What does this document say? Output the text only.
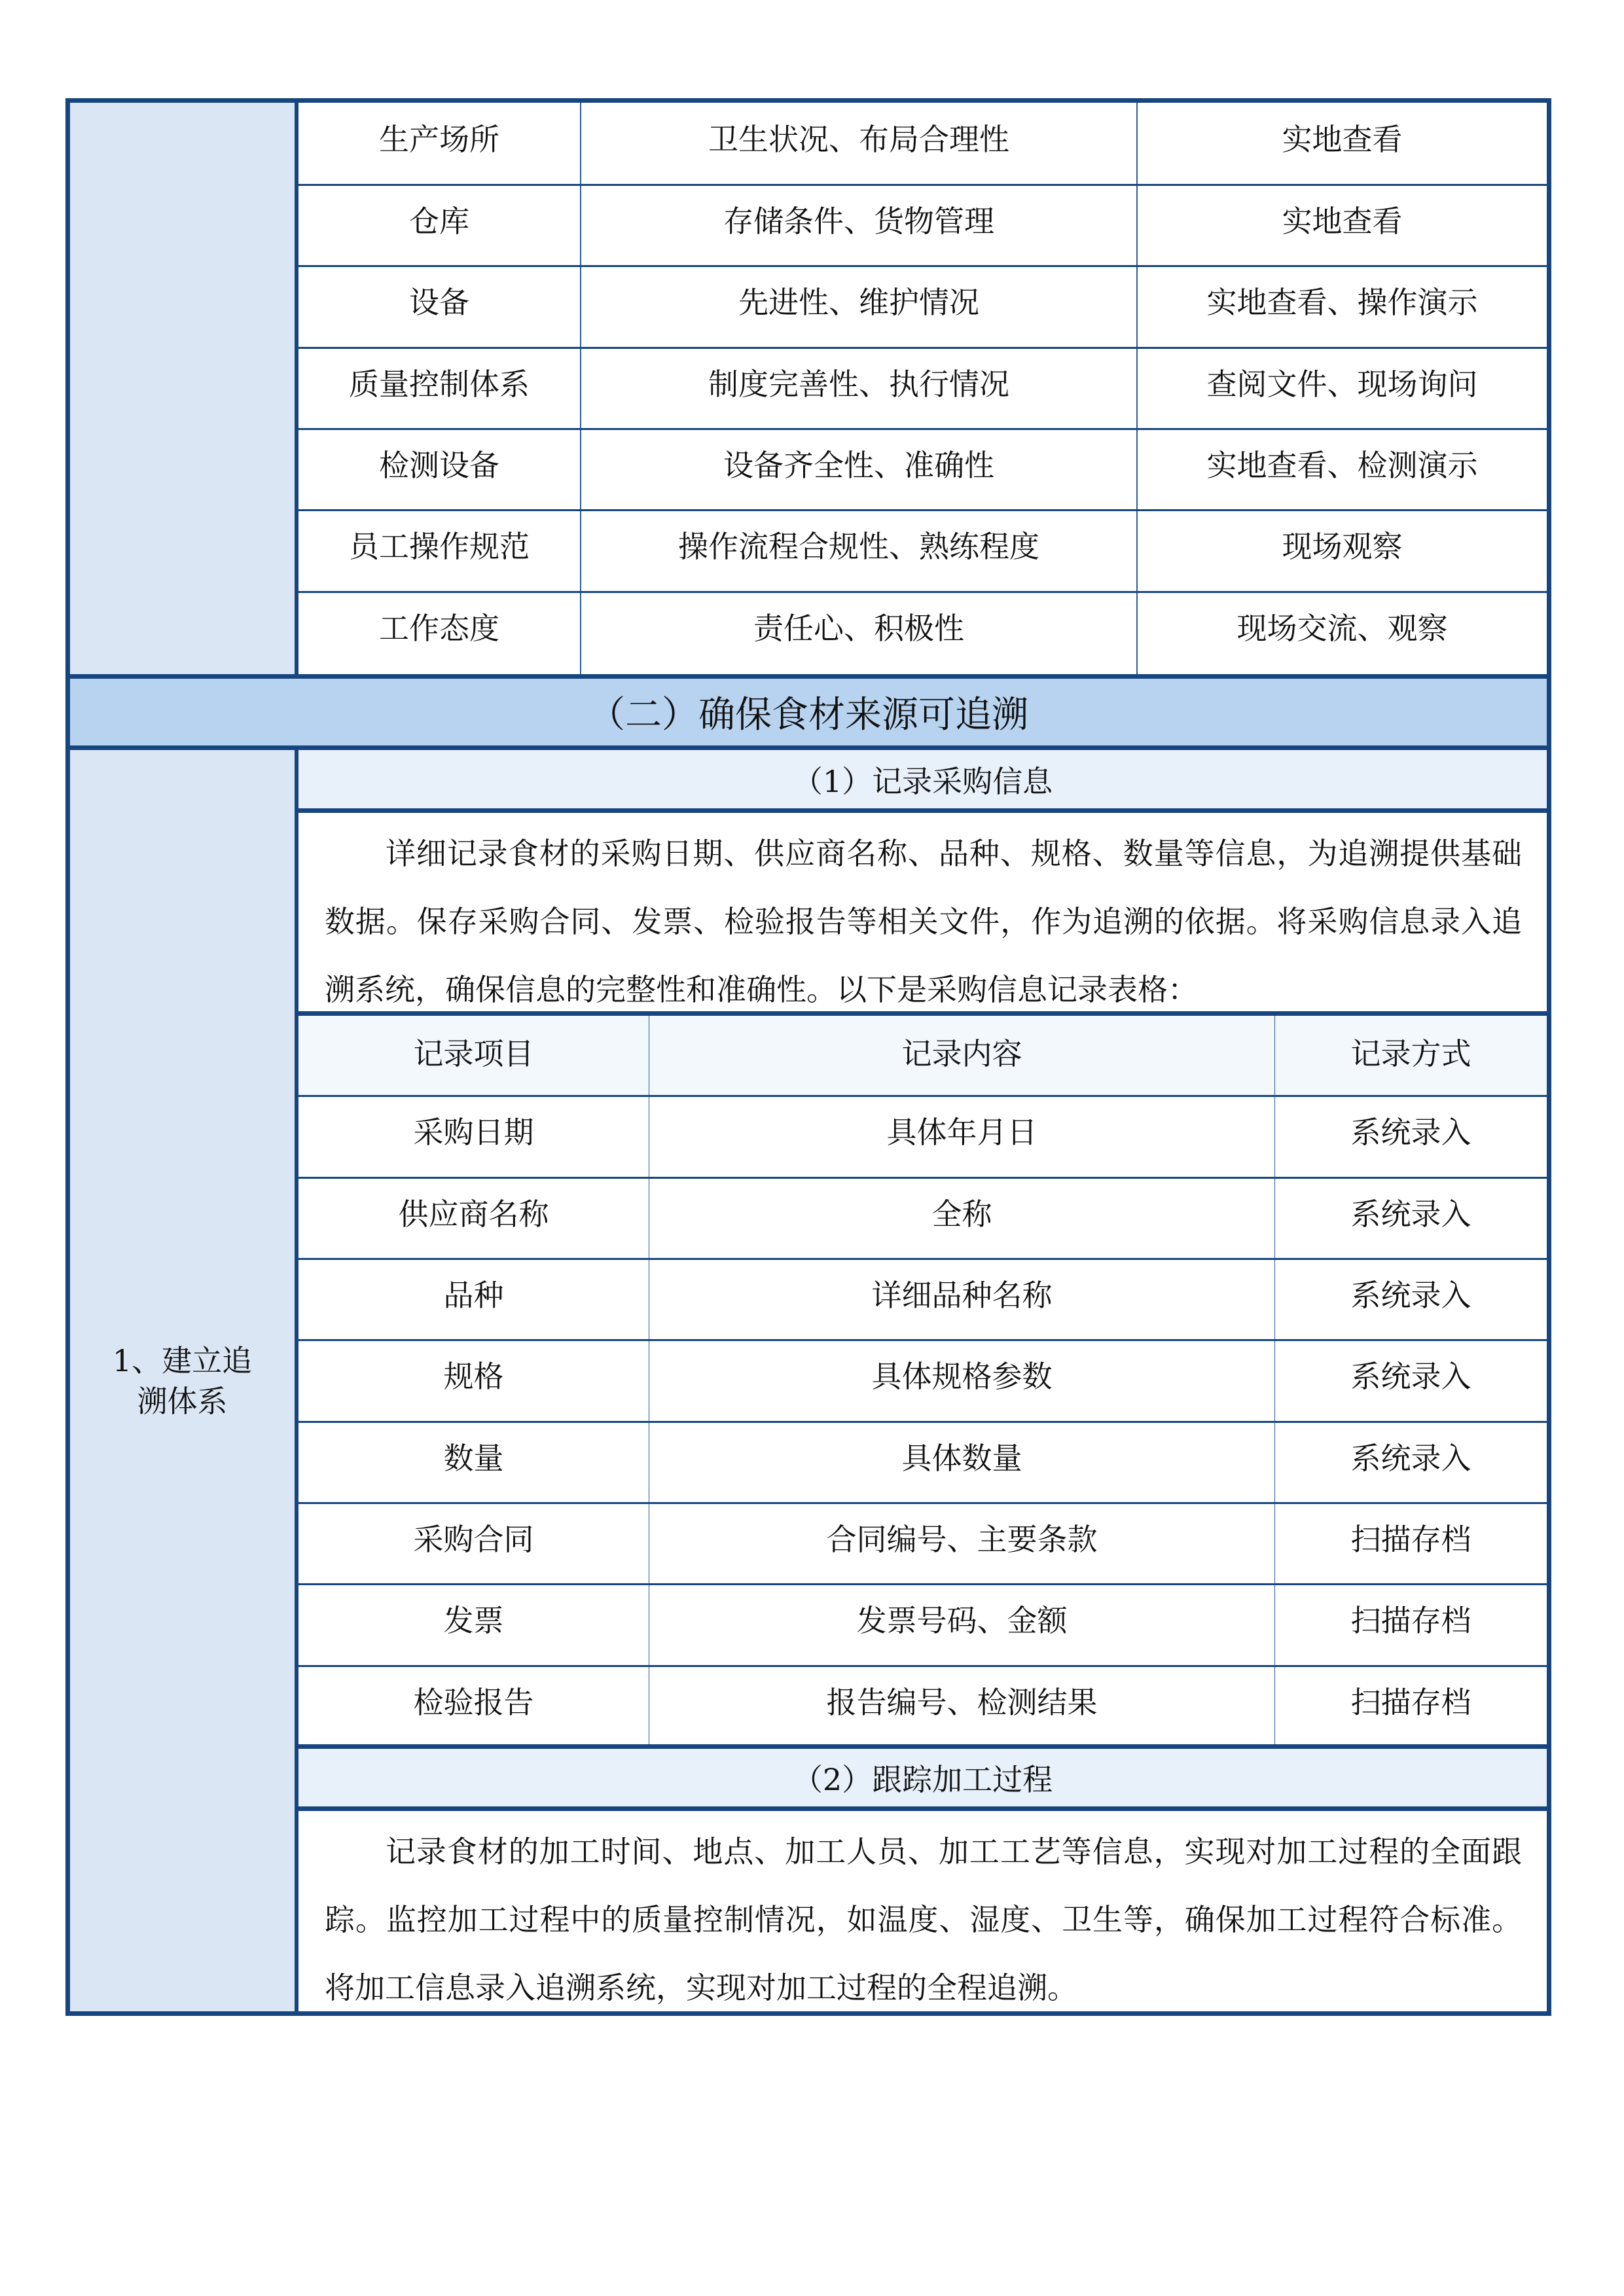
生产场所	卫生状况、布局合理性	实地查看
仓库	存储条件、货物管理	实地查看
设备	先进性、维护情况	实地查看、操作演示
质量控制体系	制度完善性、执行情况	查阅文件、现场询问
检测设备	设备齐全性、准确性	实地查看、检测演示
员工操作规范	操作流程合规性、熟练程度	现场观察
工作态度	责任心、积极性	现场交流、观察
（二）确保食材来源可追溯
1、建立追溯体系
（1）记录采购信息
详细记录食材的采购日期、供应商名称、品种、规格、数量等信息，为追溯提供基础数据。保存采购合同、发票、检验报告等相关文件，作为追溯的依据。将采购信息录入追溯系统，确保信息的完整性和准确性。以下是采购信息记录表格：
记录项目	记录内容	记录方式
采购日期	具体年月日	系统录入
供应商名称	全称	系统录入
品种	详细品种名称	系统录入
规格	具体规格参数	系统录入
数量	具体数量	系统录入
采购合同	合同编号、主要条款	扫描存档
发票	发票号码、金额	扫描存档
检验报告	报告编号、检测结果	扫描存档
（2）跟踪加工过程
记录食材的加工时间、地点、加工人员、加工工艺等信息，实现对加工过程的全面跟踪。监控加工过程中的质量控制情况，如温度、湿度、卫生等，确保加工过程符合标准。将加工信息录入追溯系统，实现对加工过程的全程追溯。
